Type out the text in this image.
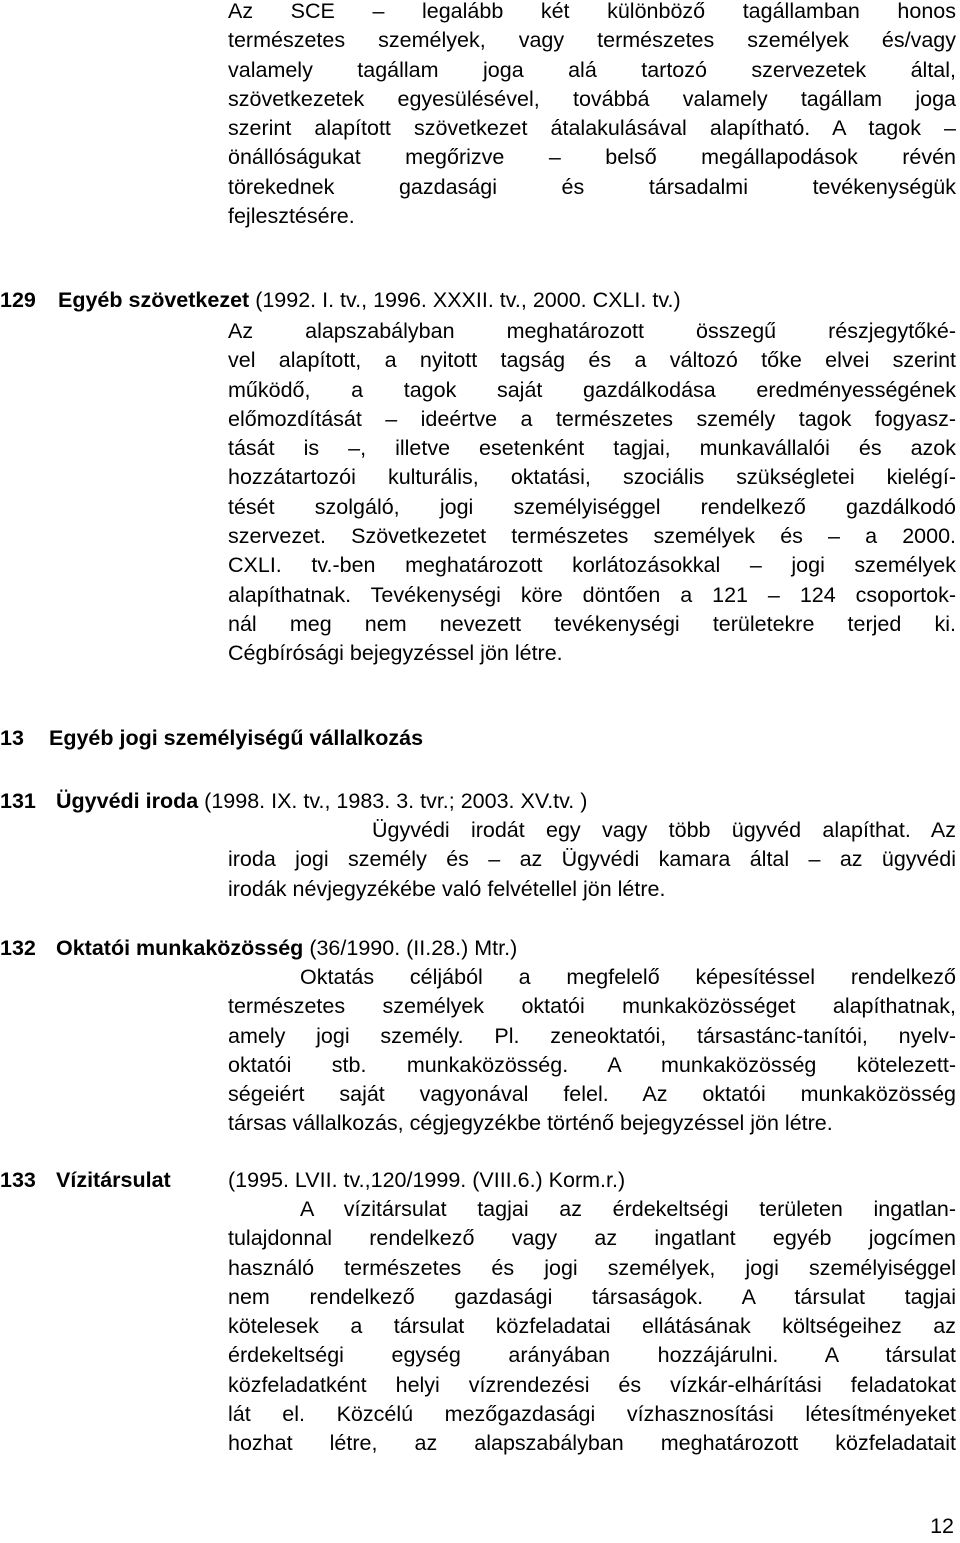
Az SCE – legalább két különböző tagállamban honos

természetes személyek, vagy természetes személyek és/vagy

valamely tagállam joga alá tartozó szervezetek által,

szövetkezetek egyesülésével, továbbá valamely tagállam joga

szerint alapított szövetkezet átalakulásával alapítható. A tagok –

önállóságukat megőrizve – belső megállapodások révén

törekednek gazdasági és társadalmi tevékenységük

fejlesztésére.

129 Egyéb szövetkezet (1992. I. tv., 1996. XXXII. tv., 2000. CXLI. tv.)

Az alapszabályban meghatározott összegű részjegytőké-

vel alapított, a nyitott tagság és a változó tőke elvei szerint

működő, a tagok saját gazdálkodása eredményességének

előmozdítását – ideértve a természetes személy tagok fogyasz-

tását is –, illetve esetenként tagjai, munkavállalói és azok

hozzátartozói kulturális, oktatási, szociális szükségletei kielégí-

tését szolgáló, jogi személyiséggel rendelkező gazdálkodó

szervezet. Szövetkezetet természetes személyek és – a 2000.

CXLI. tv.-ben meghatározott korlátozásokkal – jogi személyek

alapíthatnak. Tevékenységi köre döntően a 121 – 124 csoportok-

nál meg nem nevezett tevékenységi területekre terjed ki.

Cégbírósági bejegyzéssel jön létre.

13 Egyéb jogi személyiségű vállalkozás

131 Ügyvédi iroda (1998. IX. tv., 1983. 3. tvr.; 2003. XV.tv. )

Ügyvédi irodát egy vagy több ügyvéd alapíthat. Az

iroda jogi személy és – az Ügyvédi kamara által – az ügyvédi

irodák névjegyzékébe való felvétellel jön létre.

132 Oktatói munkaközösség (36/1990. (II.28.) Mtr.)

Oktatás céljából a megfelelő képesítéssel rendelkező

természetes személyek oktatói munkaközösséget alapíthatnak,

amely jogi személy. Pl. zeneoktatói, társastánc-tanítói, nyelv-

oktatói stb. munkaközösség. A munkaközösség kötelezett-

ségeiért saját vagyonával felel. Az oktatói munkaközösség

társas vállalkozás, cégjegyzékbe történő bejegyzéssel jön létre.

133 Vízitársulat	(1995. LVII. tv.,120/1999. (VIII.6.) Korm.r.)

A vízitársulat tagjai az érdekeltségi területen ingatlan-

tulajdonnal rendelkező vagy az ingatlant egyéb jogcímen

használó természetes és jogi személyek, jogi személyiséggel

nem rendelkező gazdasági társaságok. A társulat tagjai

kötelesek a társulat közfeladatai ellátásának költségeihez az

érdekeltségi egység arányában hozzájárulni. A társulat

közfeladatként helyi vízrendezési és vízkár-elhárítási feladatokat

lát el. Közcélú mezőgazdasági vízhasznosítási létesítményeket

hozhat létre, az alapszabályban meghatározott közfeladatait

12
